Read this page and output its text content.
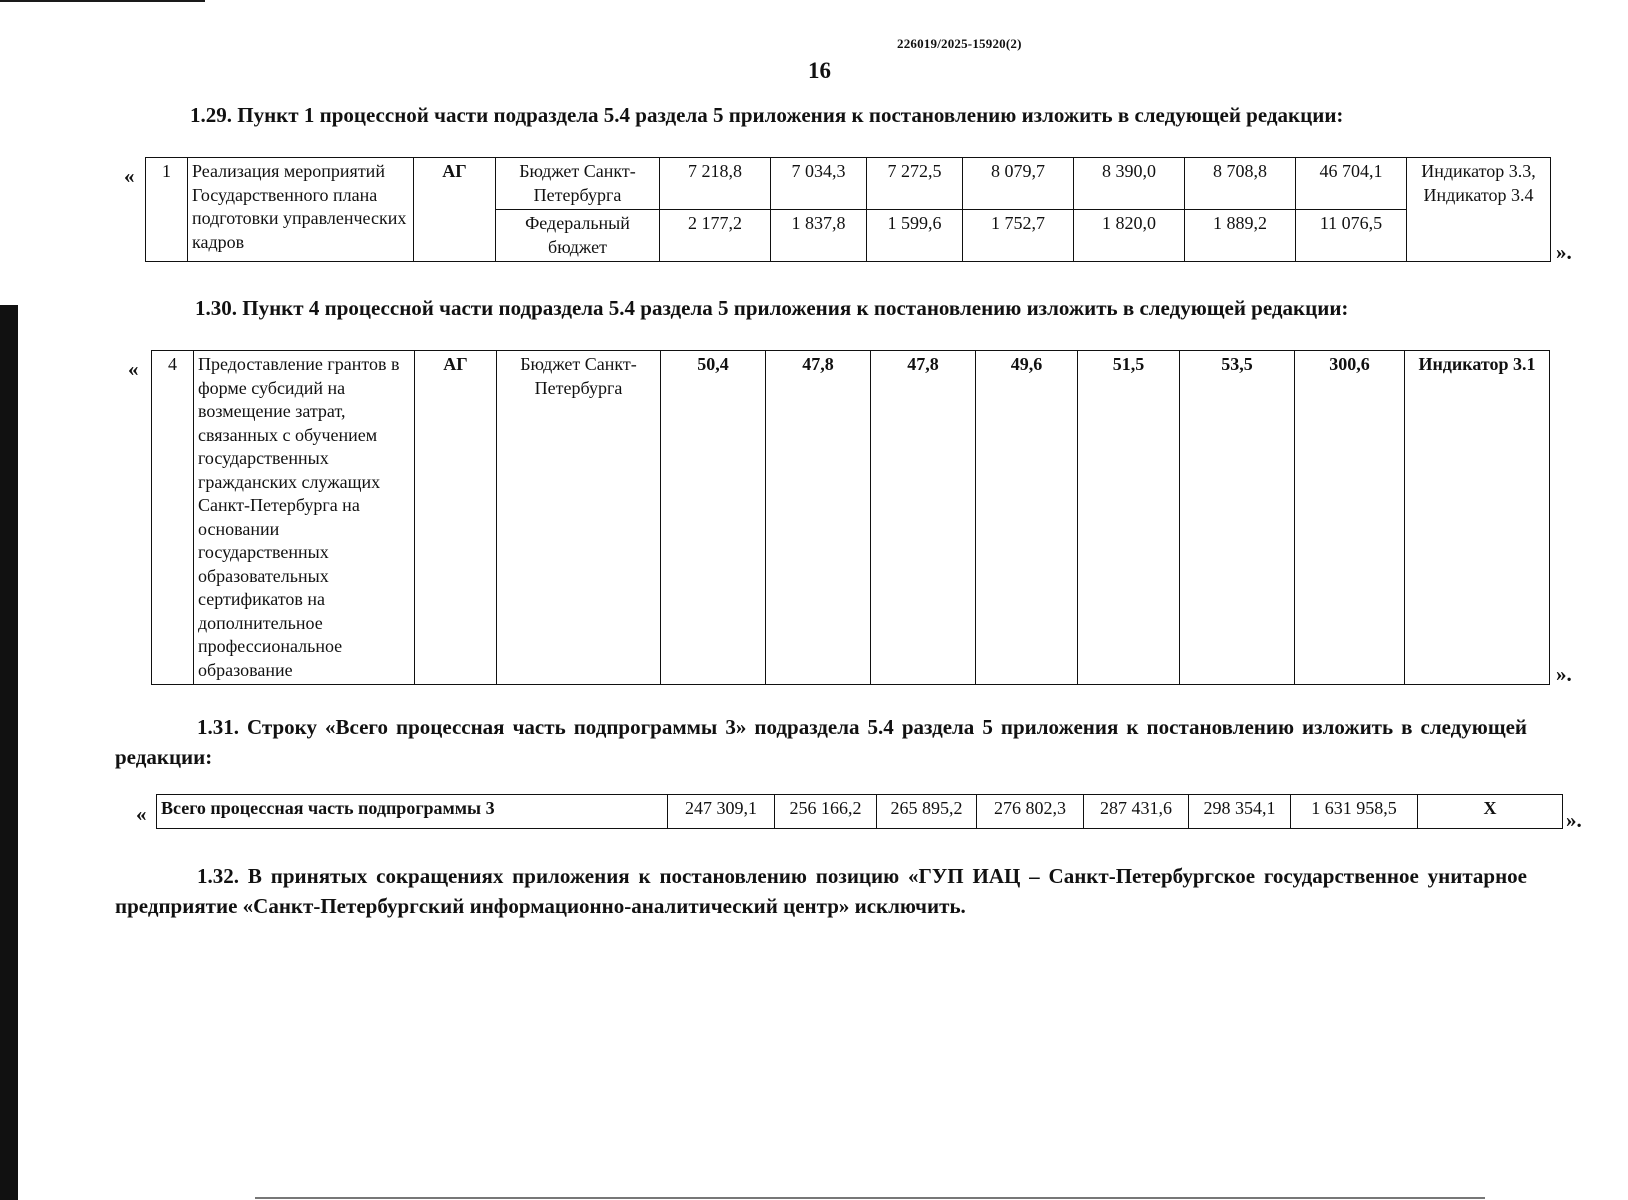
226019/2025-15920(2)
16
1.29. Пункт 1 процессной части подраздела 5.4 раздела 5 приложения к постановлению изложить в следующей редакции:
« 1	Реализация мероприятий Государственного плана подготовки управленческих кадров	АГ	Бюджет Санкт-Петербурга	7 218,8	7 034,3	7 272,5	8 079,7	8 390,0	8 708,8	46 704,1	Индикатор 3.3, Индикатор 3.4
			Федеральный бюджет	2 177,2	1 837,8	1 599,6	1 752,7	1 820,0	1 889,2	11 076,5	
».
1.30. Пункт 4 процессной части подраздела 5.4 раздела 5 приложения к постановлению изложить в следующей редакции:
« 4	Предоставление грантов в форме субсидий на возмещение затрат, связанных с обучением государственных гражданских служащих Санкт-Петербурга на основании государственных образовательных сертификатов на дополнительное профессиональное образование	АГ	Бюджет Санкт-Петербурга	50,4	47,8	47,8	49,6	51,5	53,5	300,6	Индикатор 3.1
».
1.31. Строку «Всего процессная часть подпрограммы 3» подраздела 5.4 раздела 5 приложения к постановлению изложить в следующей редакции:
« Всего процессная часть подпрограммы 3	247 309,1	256 166,2	265 895,2	276 802,3	287 431,6	298 354,1	1 631 958,5	Х	».
1.32. В принятых сокращениях приложения к постановлению позицию «ГУП ИАЦ – Санкт-Петербургское государственное унитарное предприятие «Санкт-Петербургский информационно-аналитический центр» исключить.
